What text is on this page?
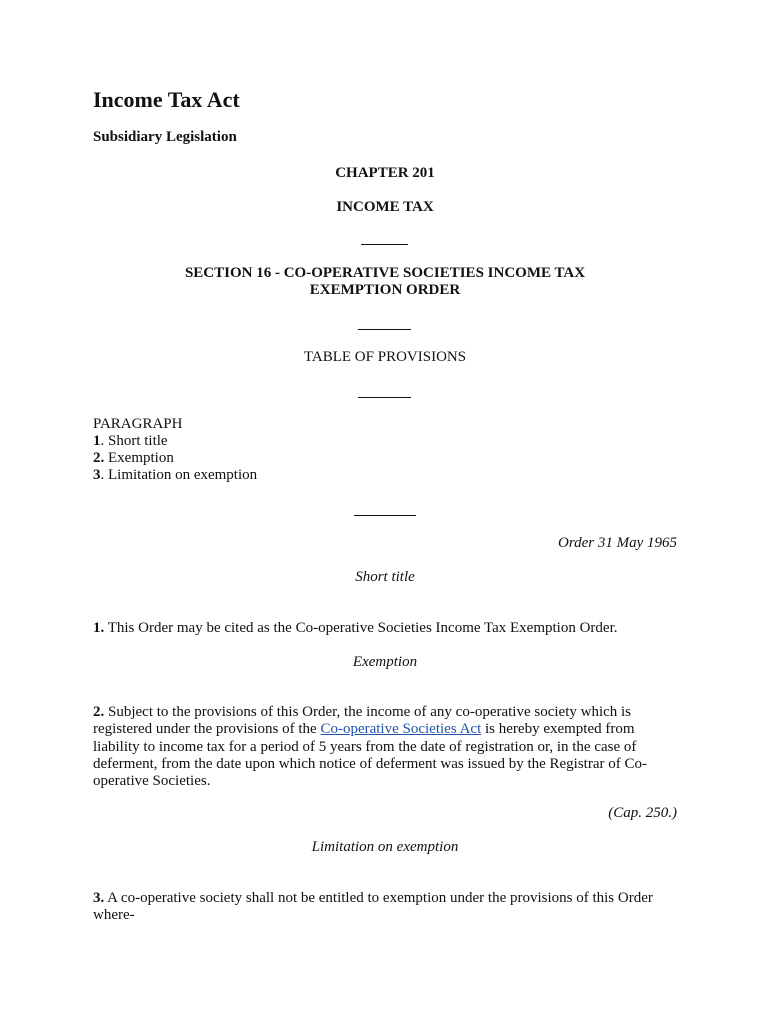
Income Tax Act
Subsidiary Legislation
CHAPTER 201
INCOME TAX
SECTION 16 - CO-OPERATIVE SOCIETIES INCOME TAX
EXEMPTION ORDER
TABLE OF PROVISIONS
PARAGRAPH
1. Short title
2. Exemption
3. Limitation on exemption
Order 31 May 1965
Short title
1. This Order may be cited as the Co-operative Societies Income Tax Exemption Order.
Exemption
2. Subject to the provisions of this Order, the income of any co-operative society which is registered under the provisions of the Co-operative Societies Act is hereby exempted from liability to income tax for a period of 5 years from the date of registration or, in the case of deferment, from the date upon which notice of deferment was issued by the Registrar of Co-operative Societies.
(Cap. 250.)
Limitation on exemption
3. A co-operative society shall not be entitled to exemption under the provisions of this Order where-
